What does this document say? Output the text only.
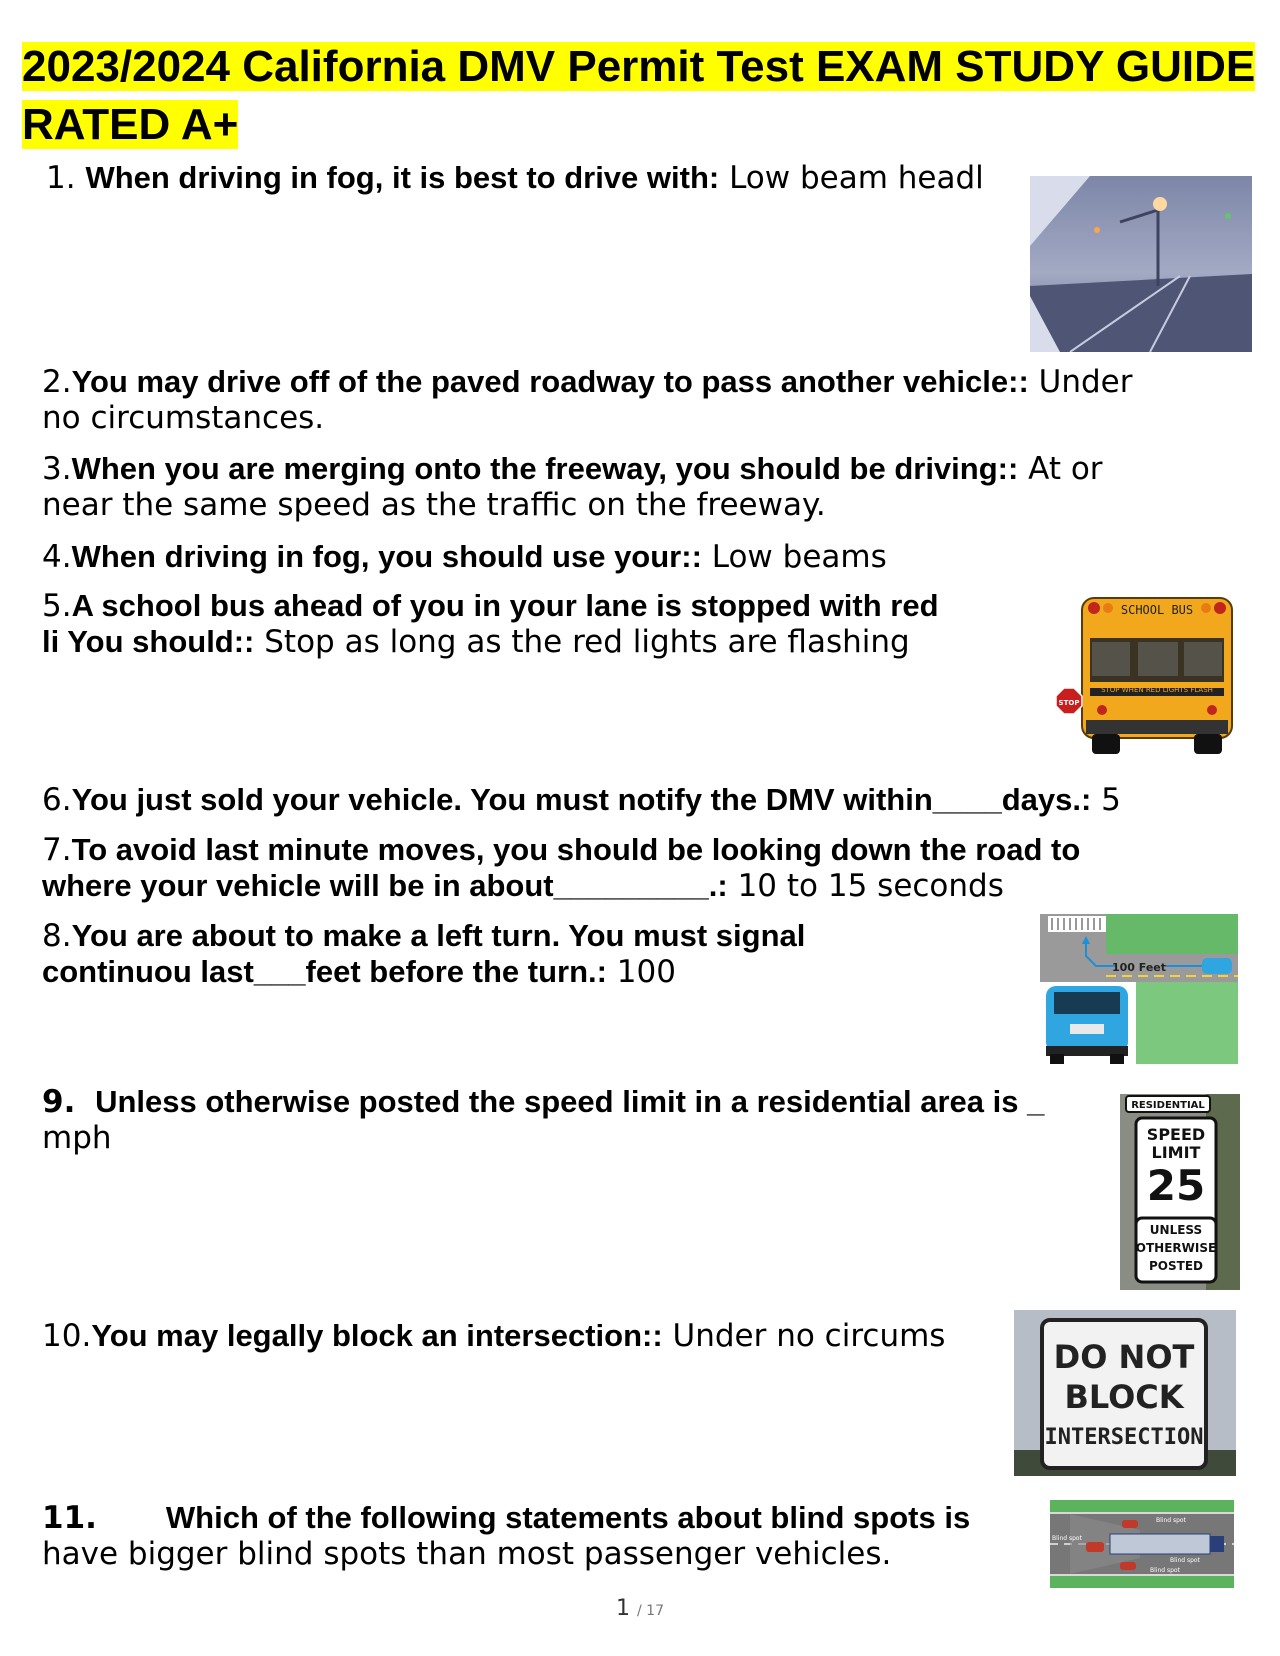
2023/2024 California DMV Permit Test EXAM STUDY GUIDE RATED A+
1. When driving in fog, it is best to drive with: Low beam headl
2.You may drive off of the paved roadway to pass another vehicle:: Under
no circumstances.
3.When you are merging onto the freeway, you should be driving:: At or
near the same speed as the traffic on the freeway.
4.When driving in fog, you should use your:: Low beams
5.A school bus ahead of you in your lane is stopped with red
li You should:: Stop as long as the red lights are flashing
SCHOOL BUS
STOP WHEN RED LIGHTS FLASH
STOP
6.You just sold your vehicle. You must notify the DMV within____days.: 5
7.To avoid last minute moves, you should be looking down the road to
where your vehicle will be in about_________.: 10 to 15 seconds
8.You are about to make a left turn. You must signal
continuou last___feet before the turn.: 100	100 Feet
9. Unless otherwise posted the speed limit in a residential area is _
mph
RESIDENTIAL
SPEED
LIMIT
25
UNLESS
OTHERWISE
POSTED
10.You may legally block an intersection:: Under no circums
DO NOT
BLOCK
INTERSECTION
11. Which of the following statements about blind spots is
have bigger blind spots than most passenger vehicles.
Blind spot
Blind spot
Blind spot
Blind spot
1 / 17
